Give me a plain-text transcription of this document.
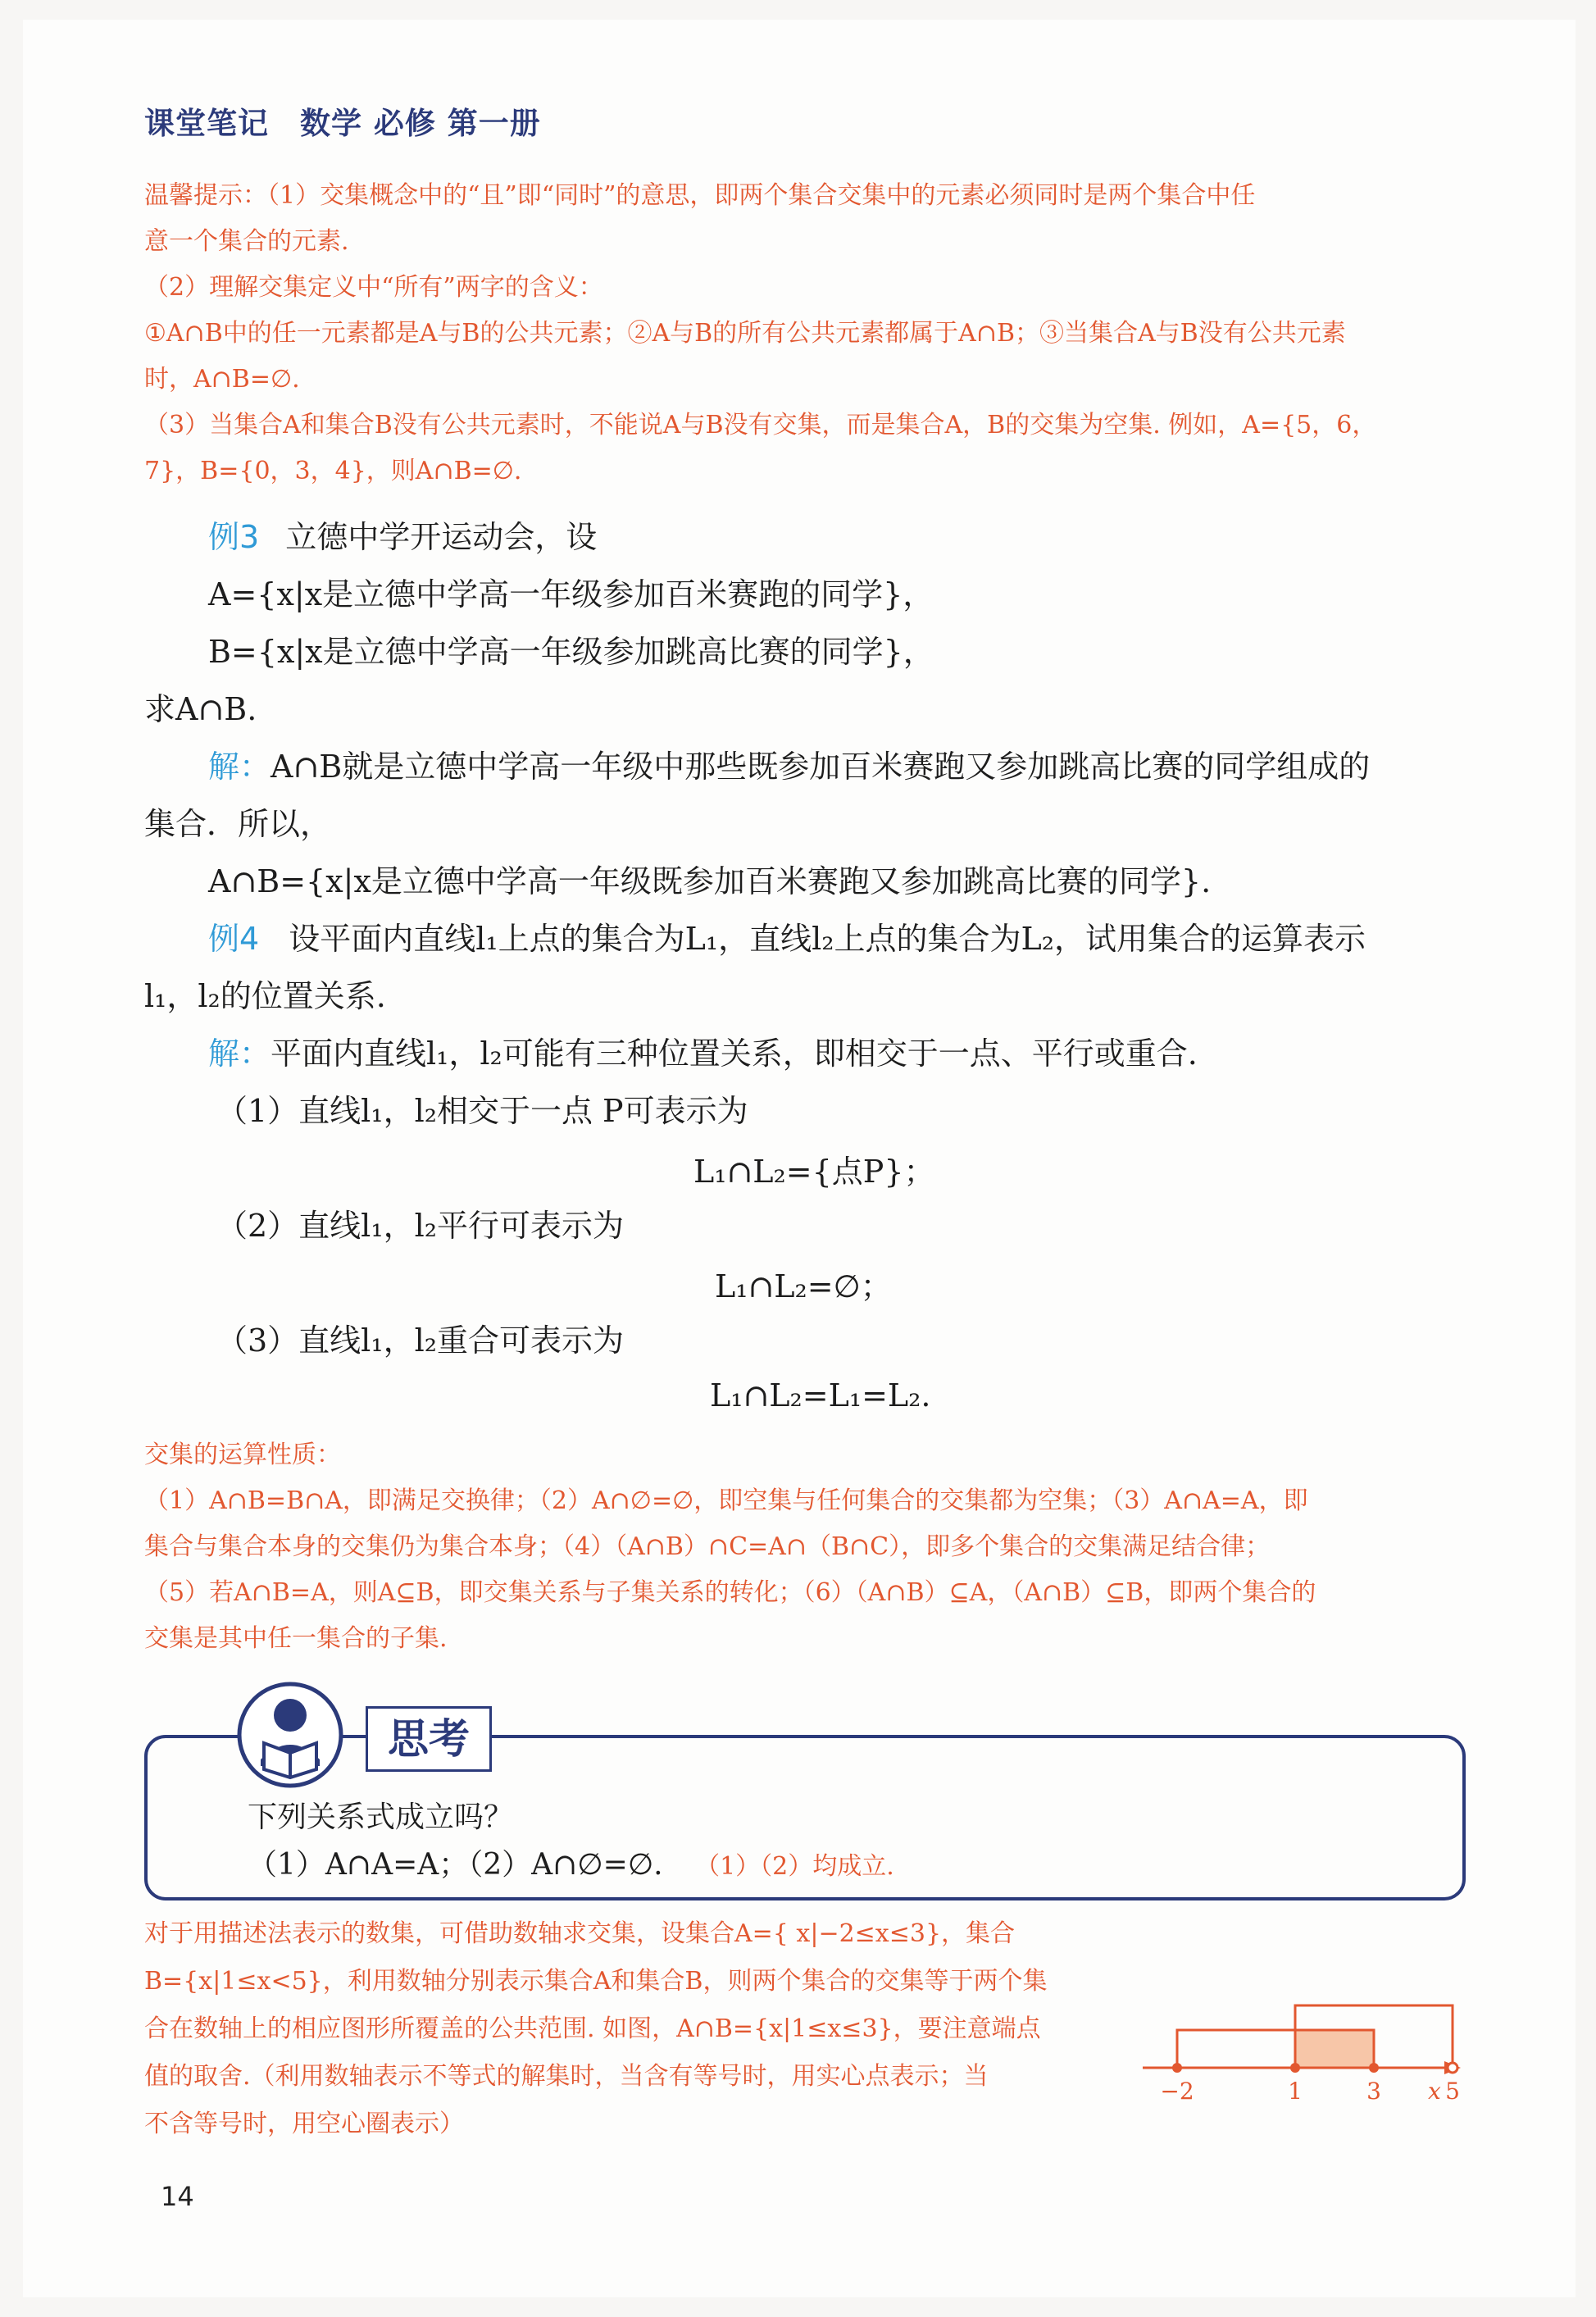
课堂笔记　数学 必修 第一册
温馨提示：（1）交集概念中的“且”即“同时”的意思，即两个集合交集中的元素必须同时是两个集合中任
意一个集合的元素.
（2）理解交集定义中“所有”两字的含义：
①A∩B中的任一元素都是A与B的公共元素；②A与B的所有公共元素都属于A∩B；③当集合A与B没有公共元素
时，A∩B=∅.
（3）当集合A和集合B没有公共元素时，不能说A与B没有交集，而是集合A，B的交集为空集. 例如，A={5，6，
7}，B={0，3，4}，则A∩B=∅.
例3 立德中学开运动会，设
A={x|x是立德中学高一年级参加百米赛跑的同学}，
B={x|x是立德中学高一年级参加跳高比赛的同学}，
求A∩B.
解：A∩B就是立德中学高一年级中那些既参加百米赛跑又参加跳高比赛的同学组成的
集合．所以，
A∩B={x|x是立德中学高一年级既参加百米赛跑又参加跳高比赛的同学}.
例4 设平面内直线l₁上点的集合为L₁，直线l₂上点的集合为L₂，试用集合的运算表示
l₁，l₂的位置关系.
解：平面内直线l₁，l₂可能有三种位置关系，即相交于一点、平行或重合.
（1）直线l₁，l₂相交于一点 P可表示为
L₁∩L₂={点P}；
（2）直线l₁，l₂平行可表示为
L₁∩L₂=∅；
（3）直线l₁，l₂重合可表示为
L₁∩L₂=L₁=L₂.
交集的运算性质：
（1）A∩B=B∩A，即满足交换律；（2）A∩∅=∅，即空集与任何集合的交集都为空集；（3）A∩A=A，即
集合与集合本身的交集仍为集合本身；（4）（A∩B）∩C=A∩（B∩C），即多个集合的交集满足结合律；
（5）若A∩B=A，则A⊆B，即交集关系与子集关系的转化；（6）（A∩B）⊆A，（A∩B）⊆B，即两个集合的
交集是其中任一集合的子集.
思考
下列关系式成立吗？
（1）A∩A=A；（2）A∩∅=∅. （1）（2）均成立.
对于用描述法表示的数集，可借助数轴求交集，设集合A={ x|−2≤x≤3}，集合
B={x|1≤x<5}，利用数轴分别表示集合A和集合B，则两个集合的交集等于两个集
合在数轴上的相应图形所覆盖的公共范围. 如图，A∩B={x|1≤x≤3}，要注意端点
值的取舍.（利用数轴表示不等式的解集时，当含有等号时，用实心点表示；当
不含等号时，用空心圈表示）
−2	1	3	5
x
14
